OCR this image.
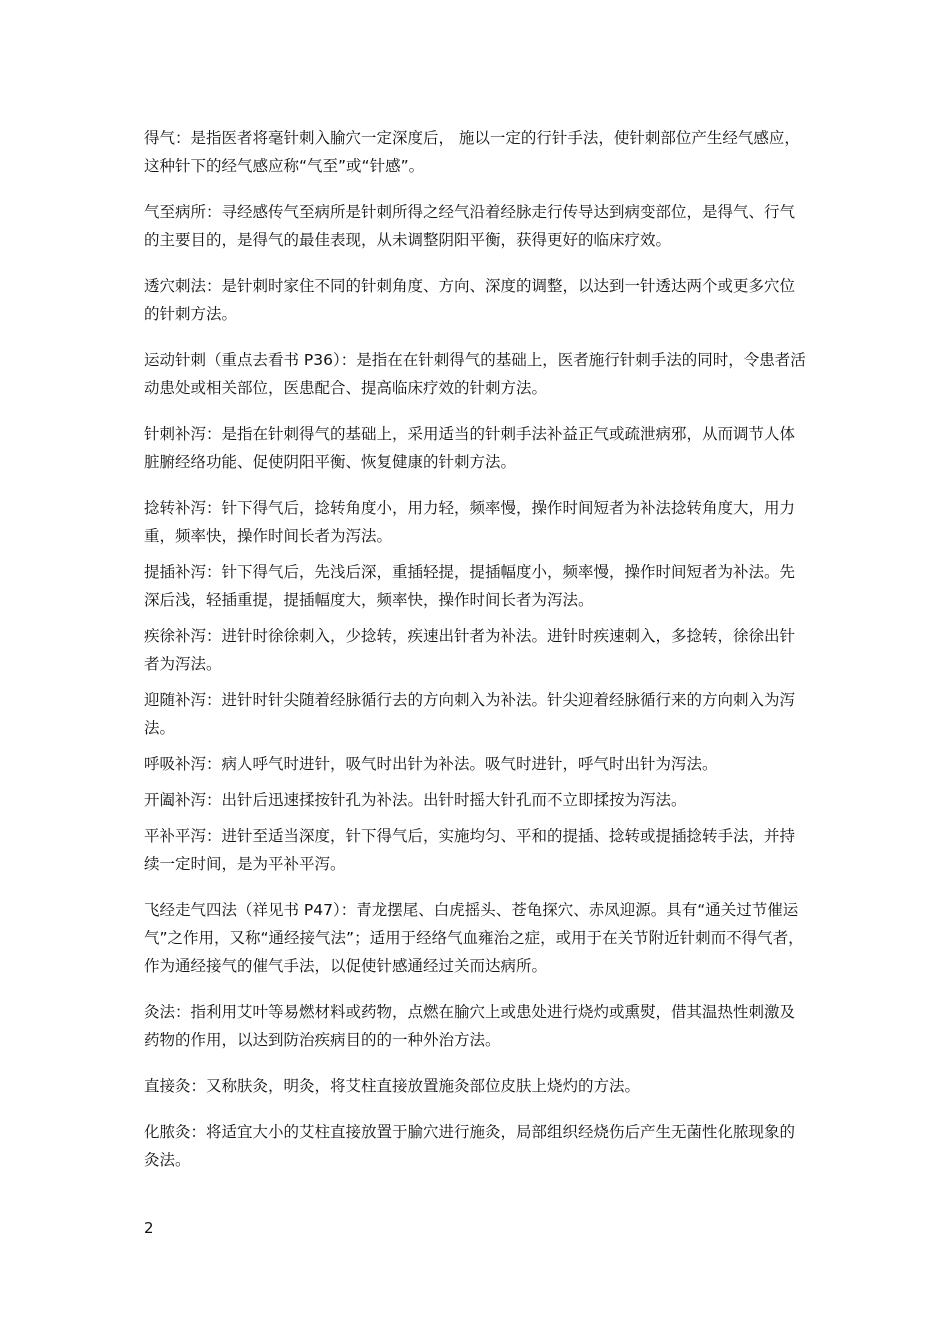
得气：是指医者将毫针刺入腧穴一定深度后， 施以一定的行针手法，使针刺部位产生经气感应，这种针下的经气感应称“气至”或“针感”。

气至病所：寻经感传气至病所是针刺所得之经气沿着经脉走行传导达到病变部位，是得气、行气的主要目的，是得气的最佳表现，从未调整阴阳平衡，获得更好的临床疗效。

透穴刺法：是针刺时家住不同的针刺角度、方向、深度的调整，以达到一针透达两个或更多穴位的针刺方法。

运动针刺（重点去看书 P36）：是指在在针刺得气的基础上，医者施行针刺手法的同时，令患者活动患处或相关部位，医患配合、提高临床疗效的针刺方法。

针刺补泻：是指在针刺得气的基础上，采用适当的针刺手法补益正气或疏泄病邪，从而调节人体脏腑经络功能、促使阴阳平衡、恢复健康的针刺方法。

捻转补泻：针下得气后，捻转角度小，用力轻，频率慢，操作时间短者为补法捻转角度大，用力重，频率快，操作时间长者为泻法。

提插补泻：针下得气后，先浅后深，重插轻提，提插幅度小，频率慢，操作时间短者为补法。先深后浅，轻插重提，提插幅度大，频率快，操作时间长者为泻法。

疾徐补泻：进针时徐徐刺入，少捻转，疾速出针者为补法。进针时疾速刺入，多捻转，徐徐出针者为泻法。

迎随补泻：进针时针尖随着经脉循行去的方向刺入为补法。针尖迎着经脉循行来的方向刺入为泻法。

呼吸补泻：病人呼气时进针，吸气时出针为补法。吸气时进针，呼气时出针为泻法。

开阖补泻：出针后迅速揉按针孔为补法。出针时摇大针孔而不立即揉按为泻法。

平补平泻：进针至适当深度，针下得气后，实施均匀、平和的提插、捻转或提插捻转手法，并持续一定时间，是为平补平泻。

飞经走气四法（祥见书 P47）：青龙摆尾、白虎摇头、苍龟探穴、赤凤迎源。具有“通关过节催运气”之作用，又称“通经接气法”；适用于经络气血雍治之症，或用于在关节附近针刺而不得气者，作为通经接气的催气手法，以促使针感通经过关而达病所。

灸法：指利用艾叶等易燃材料或药物，点燃在腧穴上或患处进行烧灼或熏熨，借其温热性刺激及药物的作用，以达到防治疾病目的的一种外治方法。

直接灸：又称肤灸，明灸，将艾柱直接放置施灸部位皮肤上烧灼的方法。

化脓灸：将适宜大小的艾柱直接放置于腧穴进行施灸，局部组织经烧伤后产生无菌性化脓现象的灸法。

2
